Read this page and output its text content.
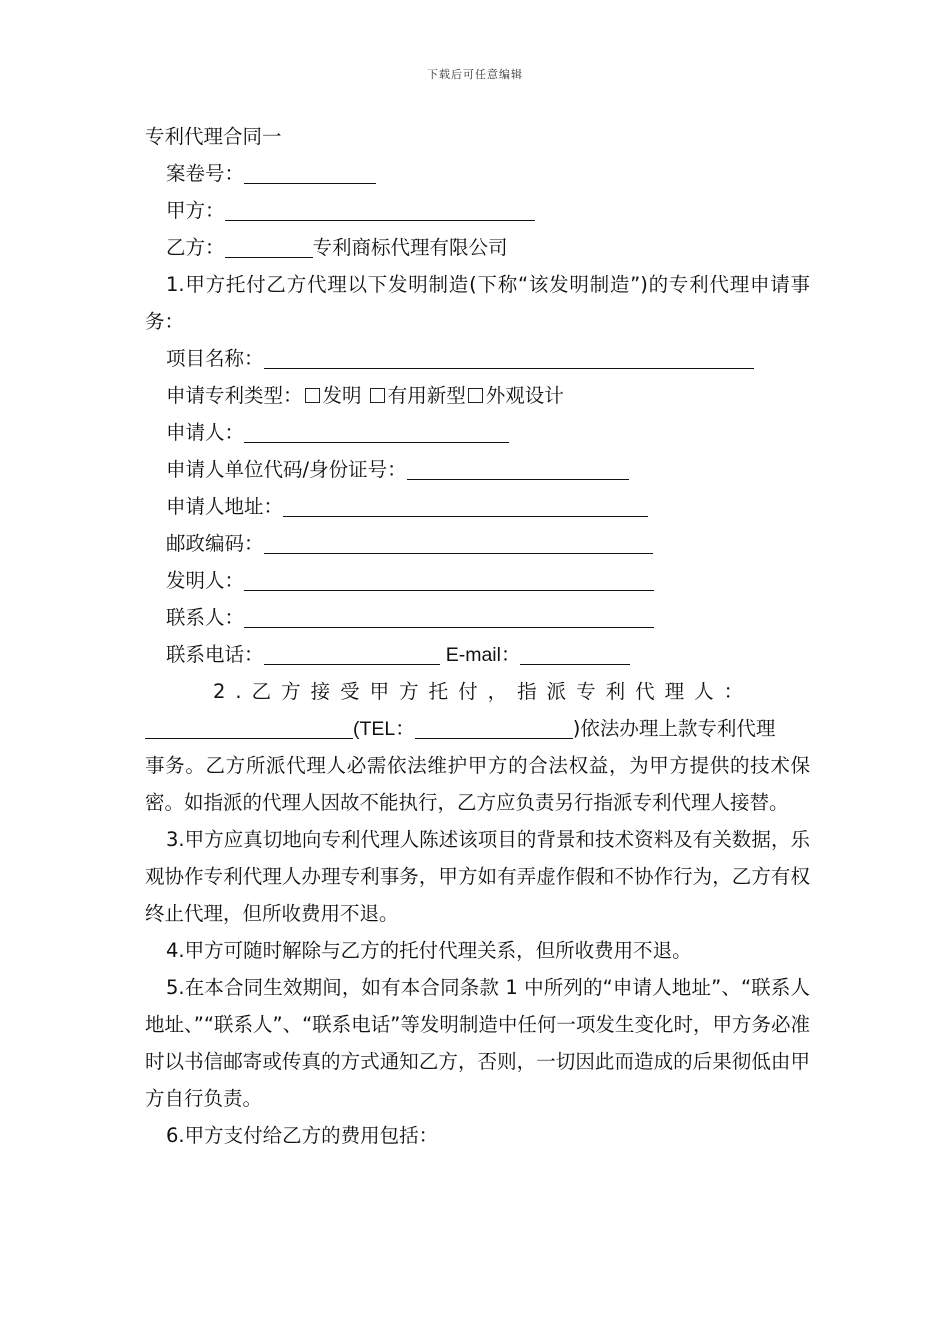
下载后可任意编辑
专利代理合同一
案卷号：
甲方：
乙方：	专利商标代理有限公司
1.甲方托付乙方代理以下发明制造(下称“该发明制造”)的专利代理申请事务：
项目名称：
申请专利类型： 发明 有用新型 外观设计
申请人：
申请人单位代码/身份证号：
申请人地址：
邮政编码：
发明人：
联系人：
联系电话：	E-mail：
2.乙方接受甲方托付，指派专利代理人：
(TEL：	)依法办理上款专利代理
事务。乙方所派代理人必需依法维护甲方的合法权益，为甲方提供的技术保密。如指派的代理人因故不能执行，乙方应负责另行指派专利代理人接替。
3.甲方应真切地向专利代理人陈述该项目的背景和技术资料及有关数据，乐观协作专利代理人办理专利事务，甲方如有弄虚作假和不协作行为，乙方有权终止代理，但所收费用不退。
4.甲方可随时解除与乙方的托付代理关系，但所收费用不退。
5.在本合同生效期间，如有本合同条款 1 中所列的“申请人地址”、“联系人地址、”“联系人”、“联系电话”等发明制造中任何一项发生变化时，甲方务必准时以书信邮寄或传真的方式通知乙方，否则，一切因此而造成的后果彻低由甲方自行负责。
6.甲方支付给乙方的费用包括：
